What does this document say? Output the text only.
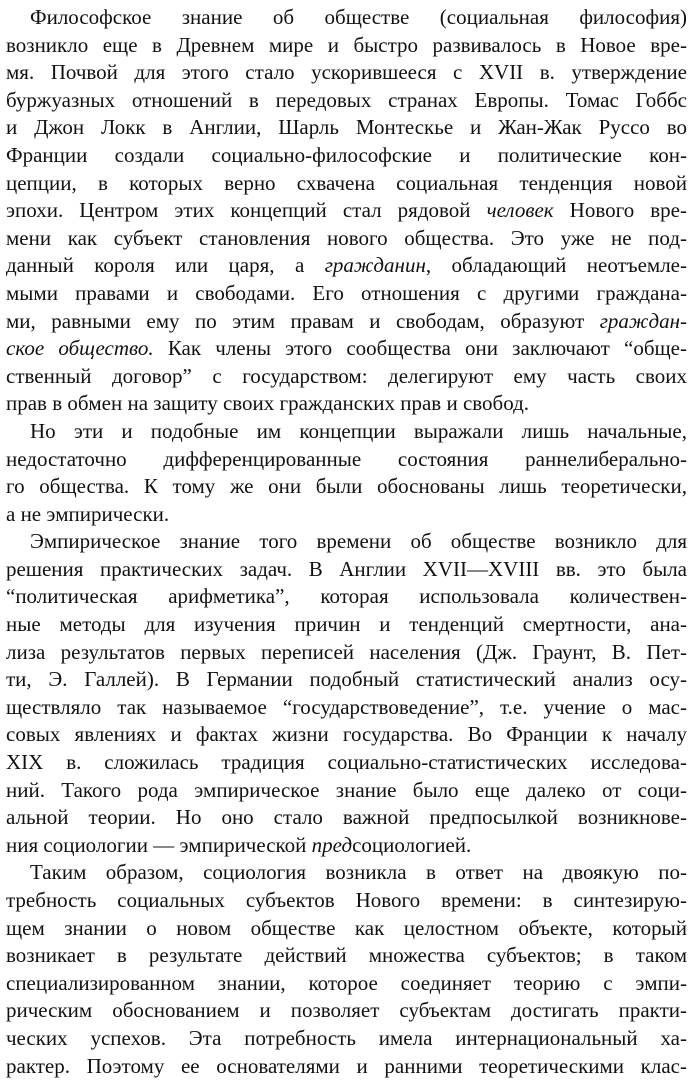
Философское знание об обществе (социальная философия)
возникло еще в Древнем мире и быстро развивалось в Новое вре-
мя. Почвой для этого стало ускорившееся с XVII в. утверждение
буржуазных отношений в передовых странах Европы. Томас Гоббс
и Джон Локк в Англии, Шарль Монтескье и Жан-Жак Руссо во
Франции создали социально-философские и политические кон-
цепции, в которых верно схвачена социальная тенденция новой
эпохи. Центром этих концепций стал рядовой человек Нового вре-
мени как субъект становления нового общества. Это уже не под-
данный короля или царя, а гражданин, обладающий неотъемле-
мыми правами и свободами. Его отношения с другими граждана-
ми, равными ему по этим правам и свободам, образуют граждан-
ское общество. Как члены этого сообщества они заключают “обще-
ственный договор” с государством: делегируют ему часть своих
прав в обмен на защиту своих гражданских прав и свобод.
Но эти и подобные им концепции выражали лишь начальные,
недостаточно дифференцированные состояния раннелиберально-
го общества. К тому же они были обоснованы лишь теоретически,
а не эмпирически.
Эмпирическое знание того времени об обществе возникло для
решения практических задач. В Англии XVII—XVIII вв. это была
“политическая арифметика”, которая использовала количествен-
ные методы для изучения причин и тенденций смертности, ана-
лиза результатов первых переписей населения (Дж. Граунт, В. Пет-
ти, Э. Галлей). В Германии подобный статистический анализ осу-
ществляло так называемое “государствоведение”, т.е. учение о мас-
совых явлениях и фактах жизни государства. Во Франции к началу
XIX в. сложилась традиция социально-статистических исследова-
ний. Такого рода эмпирическое знание было еще далеко от соци-
альной теории. Но оно стало важной предпосылкой возникнове-
ния социологии — эмпирической предсоциологией.
Таким образом, социология возникла в ответ на двоякую по-
требность социальных субъектов Нового времени: в синтезирую-
щем знании о новом обществе как целостном объекте, который
возникает в результате действий множества субъектов; в таком
специализированном знании, которое соединяет теорию с эмпи-
рическим обоснованием и позволяет субъектам достигать практи-
ческих успехов. Эта потребность имела интернациональный ха-
рактер. Поэтому ее основателями и ранними теоретическими клас-
